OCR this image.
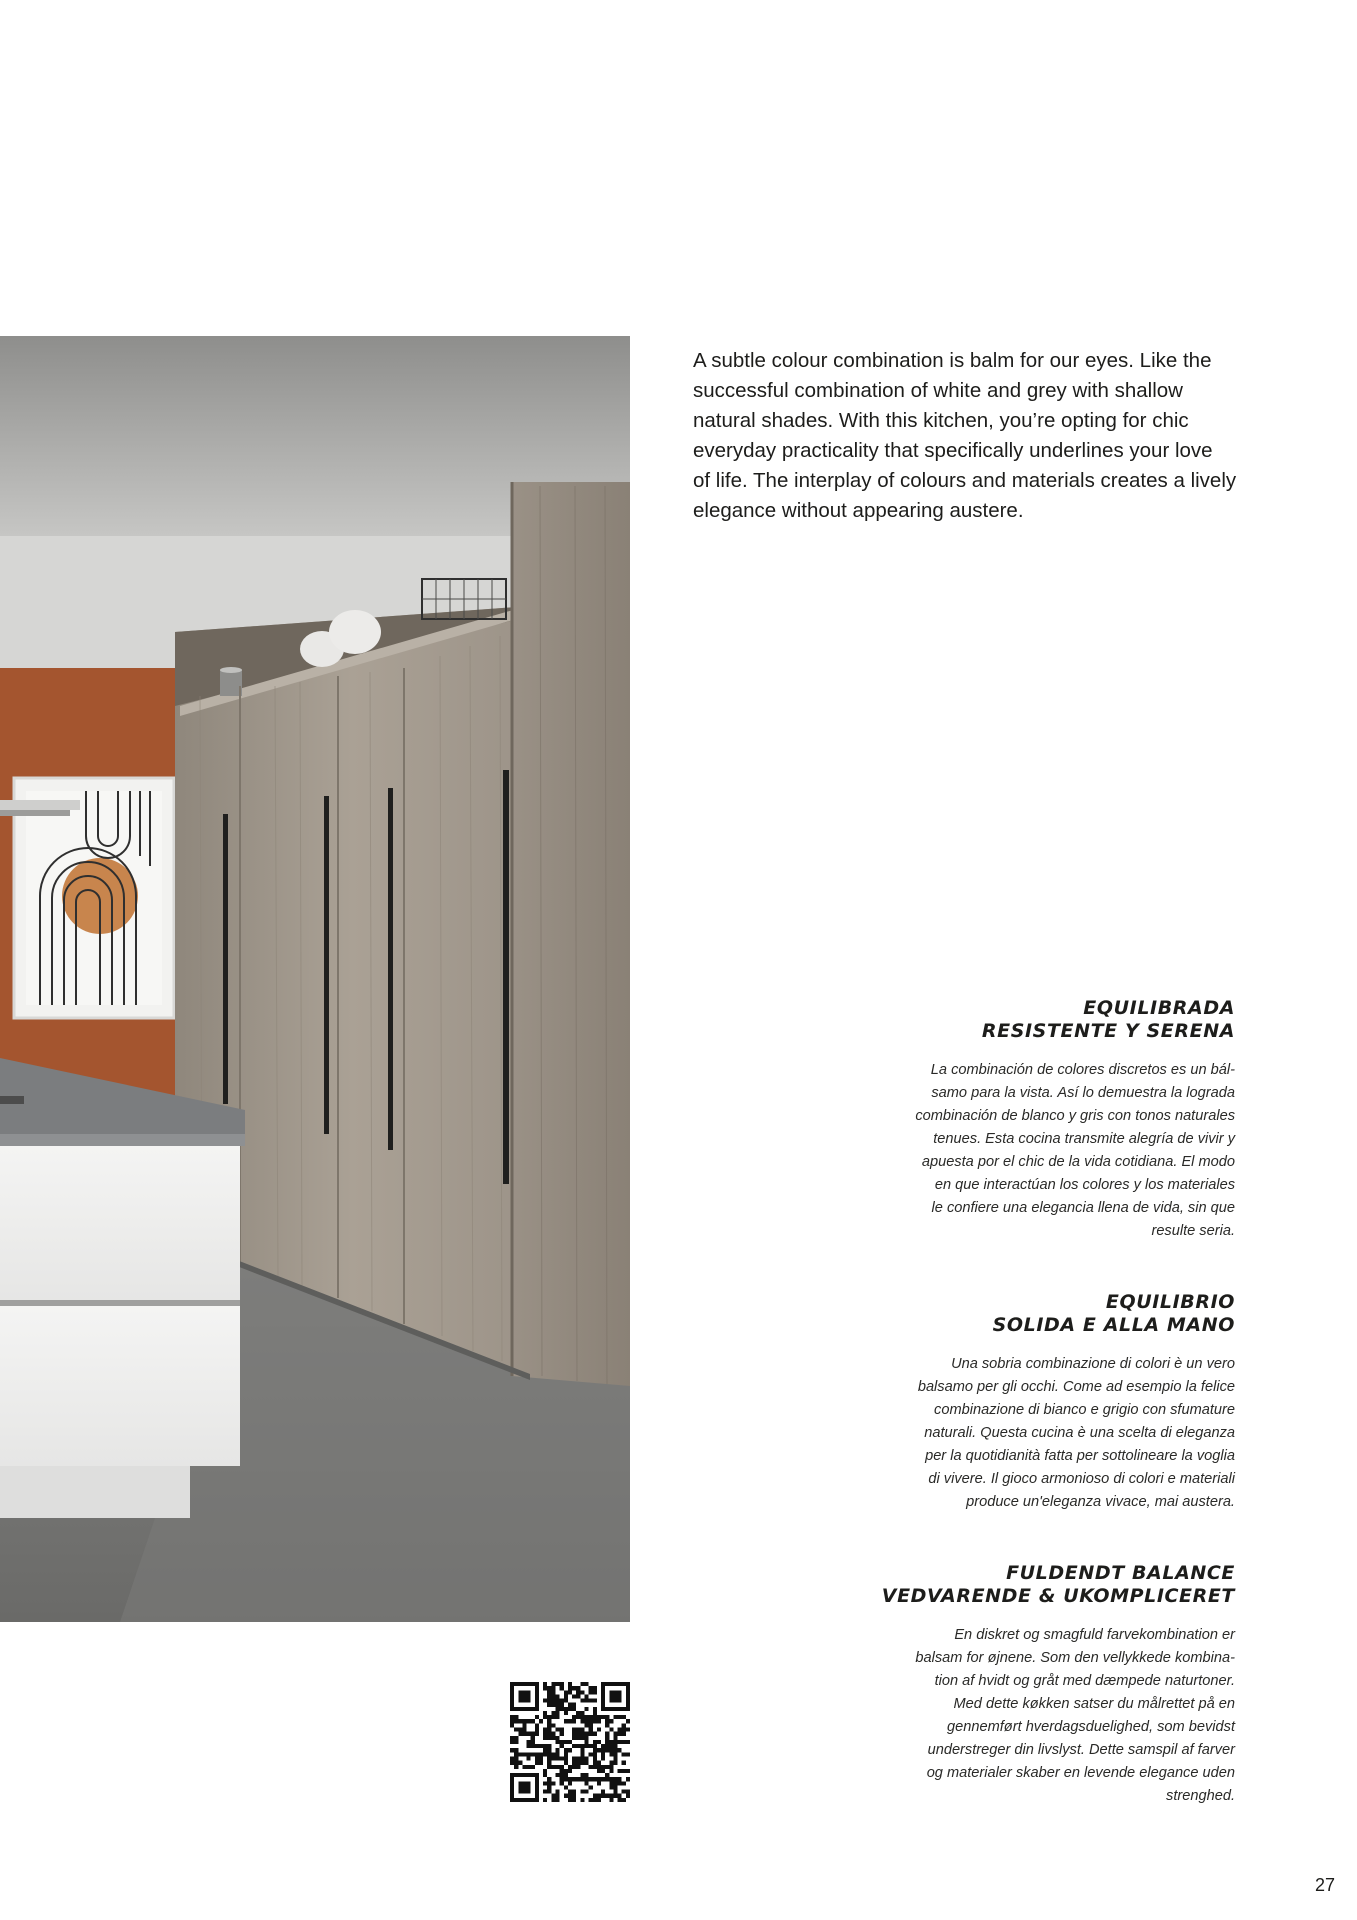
A subtle colour combination is balm for our eyes. Like the
successful combination of white and grey with shallow
natural shades. With this kitchen, you’re opting for chic
everyday practicality that specifically underlines your love
of life. The interplay of colours and materials creates a lively
elegance without appearing austere.

EQUILIBRADA
RESISTENTE Y SERENA

La combinación de colores discretos es un bál-
samo para la vista. Así lo demuestra la lograda
combinación de blanco y gris con tonos naturales
tenues. Esta cocina transmite alegría de vivir y
apuesta por el chic de la vida cotidiana. El modo
en que interactúan los colores y los materiales
le confiere una elegancia llena de vida, sin que
resulte seria.

EQUILIBRIO
SOLIDA E ALLA MANO

Una sobria combinazione di colori è un vero
balsamo per gli occhi. Come ad esempio la felice
combinazione di bianco e grigio con sfumature
naturali. Questa cucina è una scelta di eleganza
per la quotidianità fatta per sottolineare la voglia
di vivere. Il gioco armonioso di colori e materiali
produce un'eleganza vivace, mai austera.

FULDENDT BALANCE
VEDVARENDE & UKOMPLICERET

En diskret og smagfuld farvekombination er
balsam for øjnene. Som den vellykkede kombina-
tion af hvidt og gråt med dæmpede naturtoner.
Med dette køkken satser du målrettet på en
gennemført hverdagsduelighed, som bevidst
understreger din livslyst. Dette samspil af farver
og materialer skaber en levende elegance uden
strenghed.

27
